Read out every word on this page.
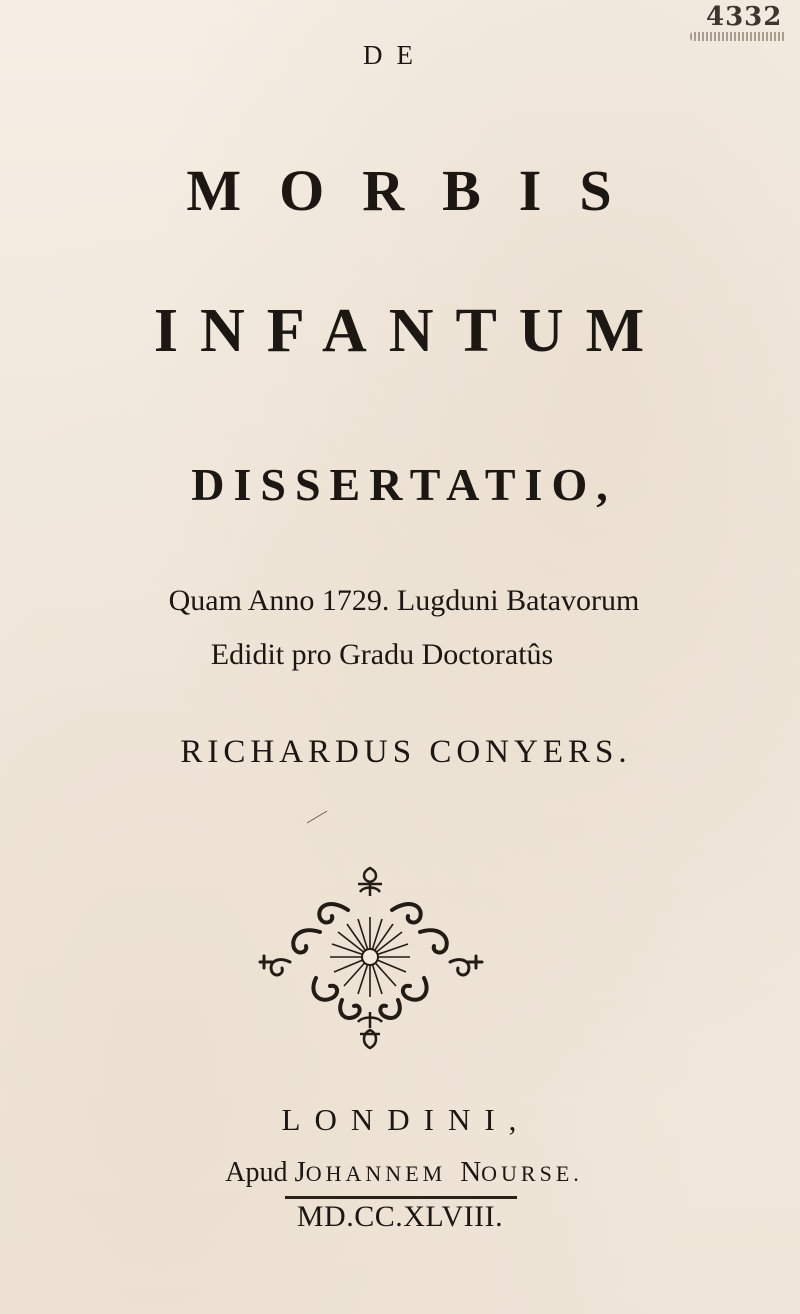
4332
DE
MORBIS
INFANTUM
DISSERTATIO,
Quam Anno 1729. Lugduni Batavorum
Edidit pro Gradu Doctoratûs
RICHARDUS CONYERS.
LONDINI,
Apud JOHANNEM NOURSE.
MD.CC.XLVIII.
